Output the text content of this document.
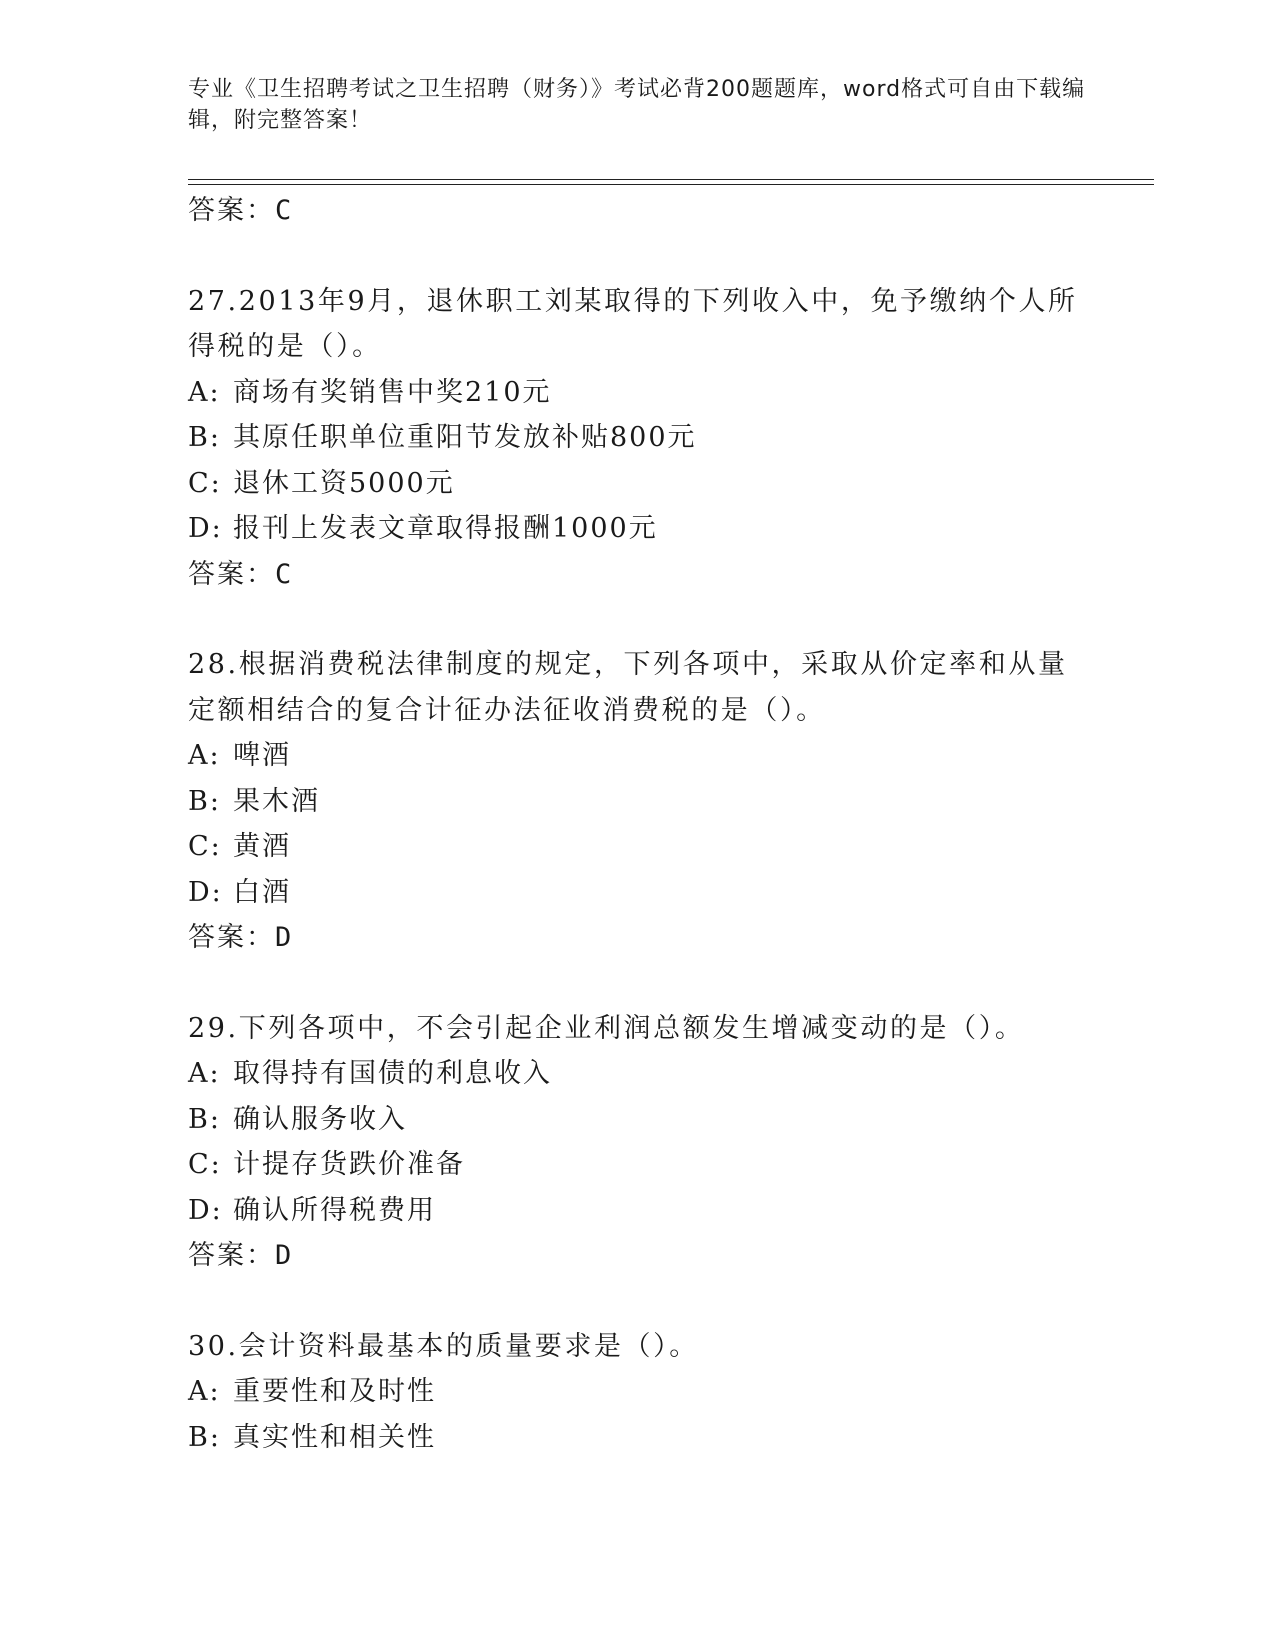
专业《卫生招聘考试之卫生招聘（财务）》考试必背200题题库，word格式可自由下载编辑，附完整答案！
答案：C
27.2013年9月，退休职工刘某取得的下列收入中，免予缴纳个人所得税的是（）。
A: 商场有奖销售中奖210元
B: 其原任职单位重阳节发放补贴800元
C: 退休工资5000元
D: 报刊上发表文章取得报酬1000元
答案：C
28.根据消费税法律制度的规定，下列各项中，采取从价定率和从量定额相结合的复合计征办法征收消费税的是（）。
A: 啤酒
B: 果木酒
C: 黄酒
D: 白酒
答案：D
29.下列各项中，不会引起企业利润总额发生增减变动的是（）。
A: 取得持有国债的利息收入
B: 确认服务收入
C: 计提存货跌价准备
D: 确认所得税费用
答案：D
30.会计资料最基本的质量要求是（）。
A: 重要性和及时性
B: 真实性和相关性
